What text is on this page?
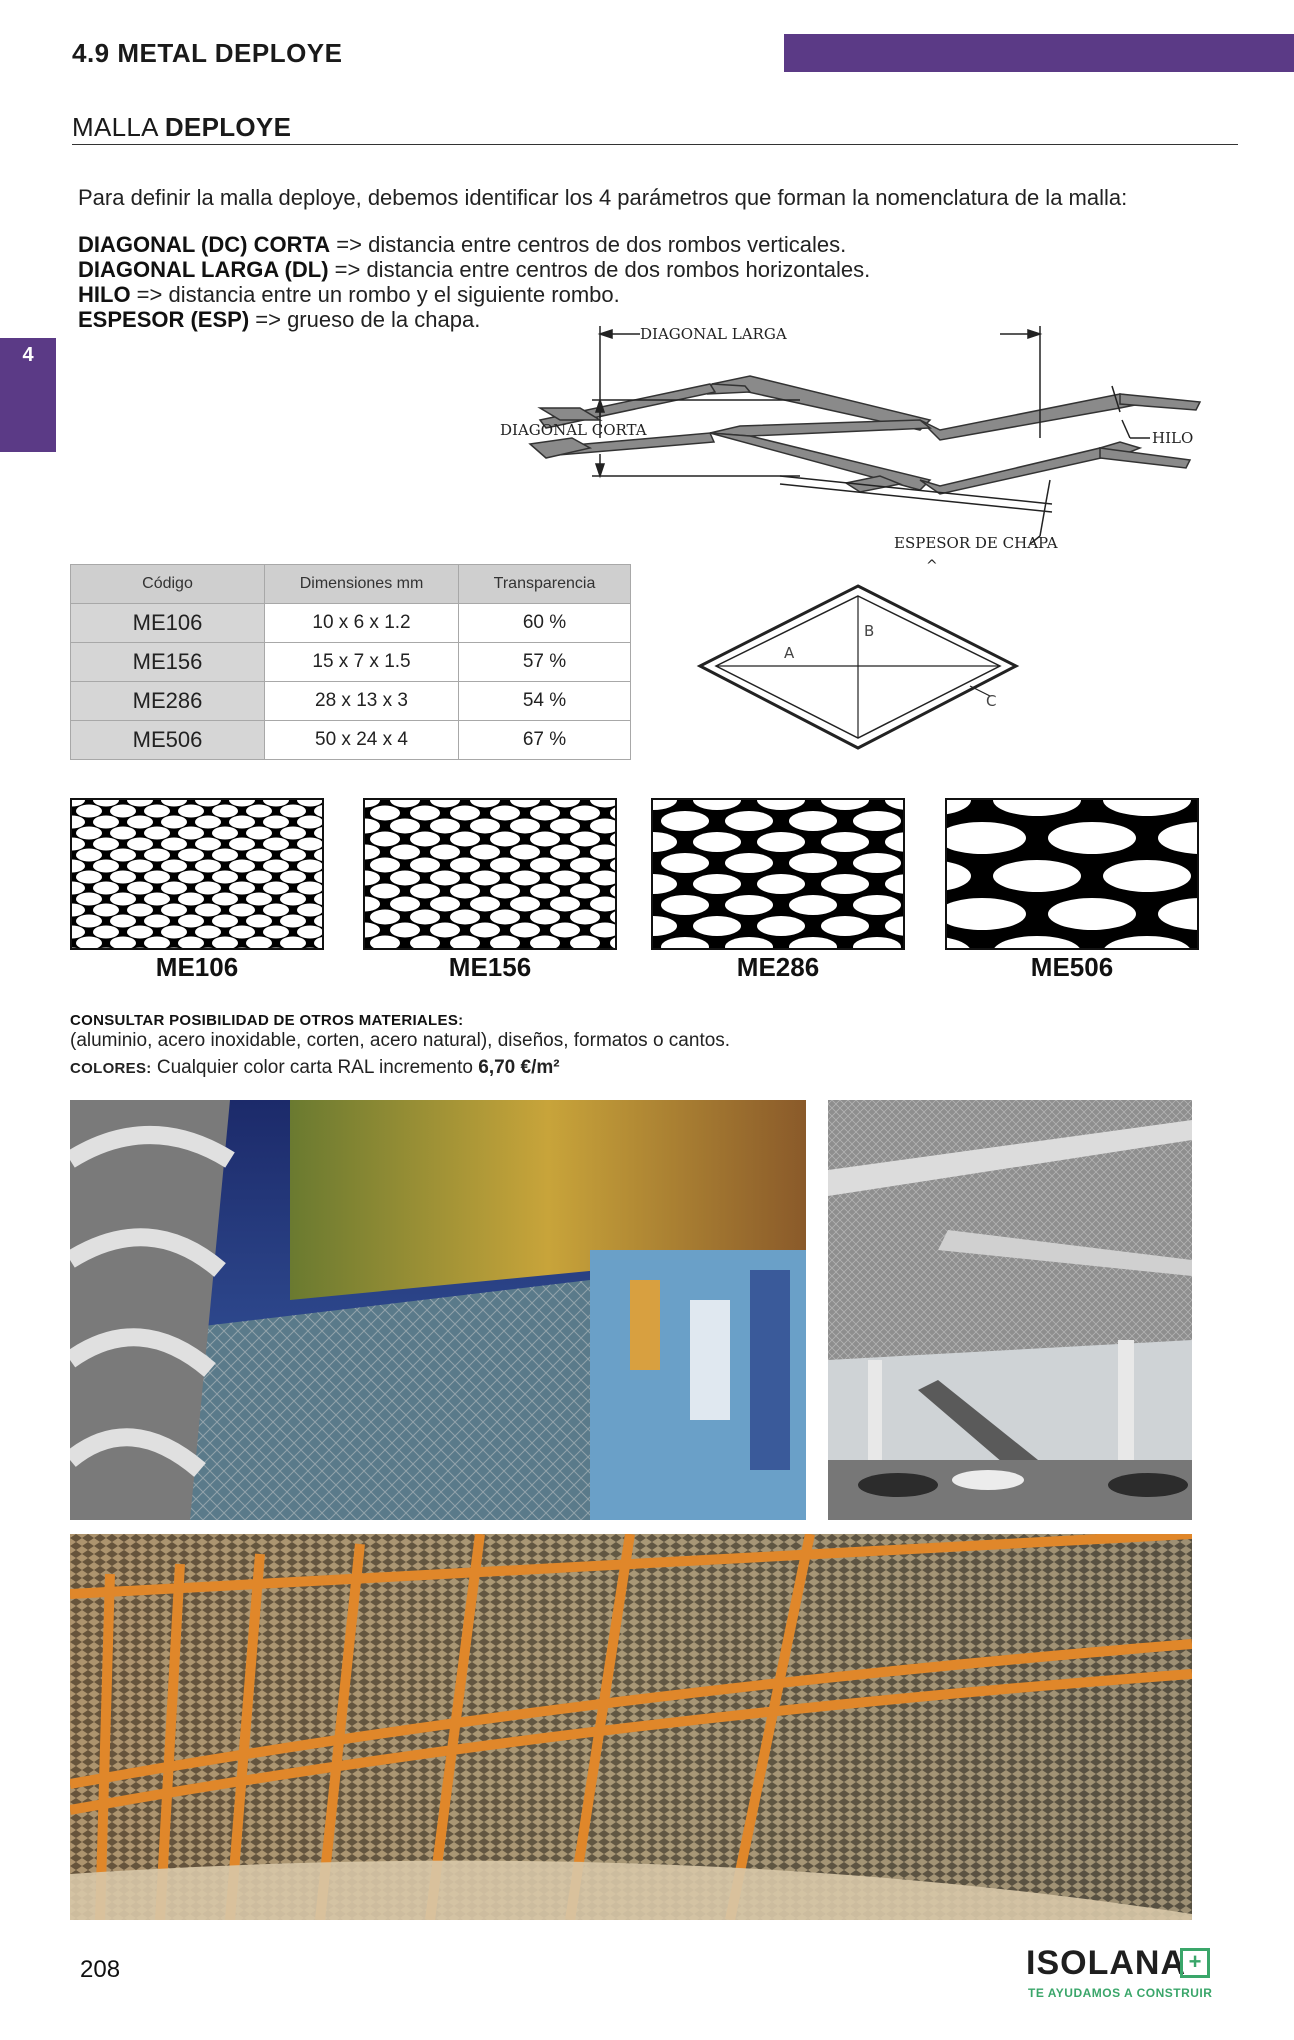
4.9 METAL DEPLOYE
4
MALLA DEPLOYE
Para definir la malla deploye, debemos identificar los 4 parámetros que forman la nomenclatura de la malla:
DIAGONAL (DC) CORTA => distancia entre centros de dos rombos verticales.
DIAGONAL LARGA (DL) => distancia entre centros de dos rombos horizontales.
HILO => distancia entre un rombo y el siguiente rombo.
ESPESOR (ESP) => grueso de la chapa.
DIAGONAL LARGA
DIAGONAL CORTA	HILO
ESPESOR DE CHAPA
^
A
B
C
Código	Dimensiones mm	Transparencia
ME106	10 x 6 x 1.2	60 %
ME156	15 x 7 x 1.5	57 %
ME286	28 x 13 x 3	54 %
ME506	50 x 24 x 4	67 %
ME106	ME156	ME286	ME506
CONSULTAR POSIBILIDAD DE OTROS MATERIALES:
(aluminio, acero inoxidable, corten, acero natural), diseños, formatos o cantos.
COLORES: Cualquier color carta RAL incremento 6,70 €/m²
208	ISOLANA +
TE AYUDAMOS A CONSTRUIR
